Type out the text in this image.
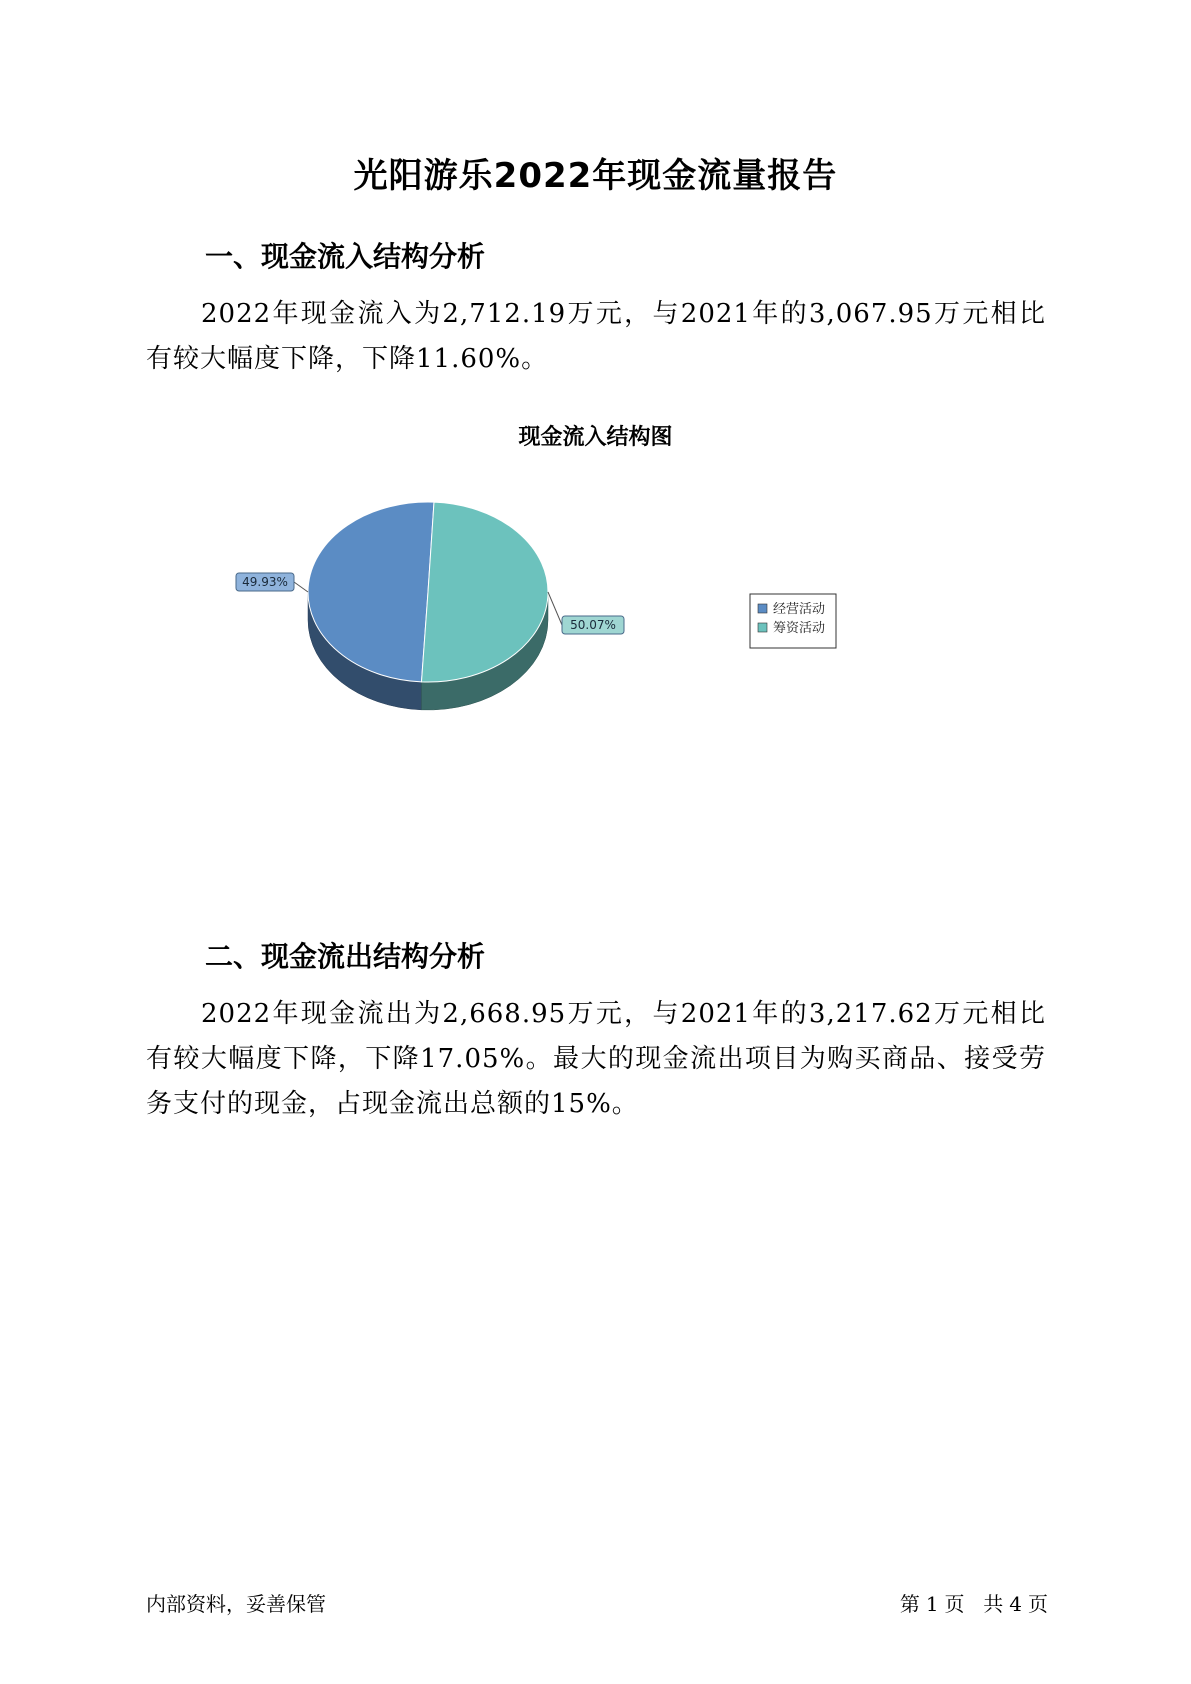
光阳游乐2022年现金流量报告
一、现金流入结构分析
2022年现金流入为2,712.19万元，与2021年的3,067.95万元相比有较大幅度下降，下降11.60%。
现金流入结构图
49.93%
50.07%
经营活动
筹资活动
二、现金流出结构分析
2022年现金流出为2,668.95万元，与2021年的3,217.62万元相比有较大幅度下降，下降17.05%。最大的现金流出项目为购买商品、接受劳务支付的现金，占现金流出总额的15%。
内部资料，妥善保管	第 1 页 共 4 页
